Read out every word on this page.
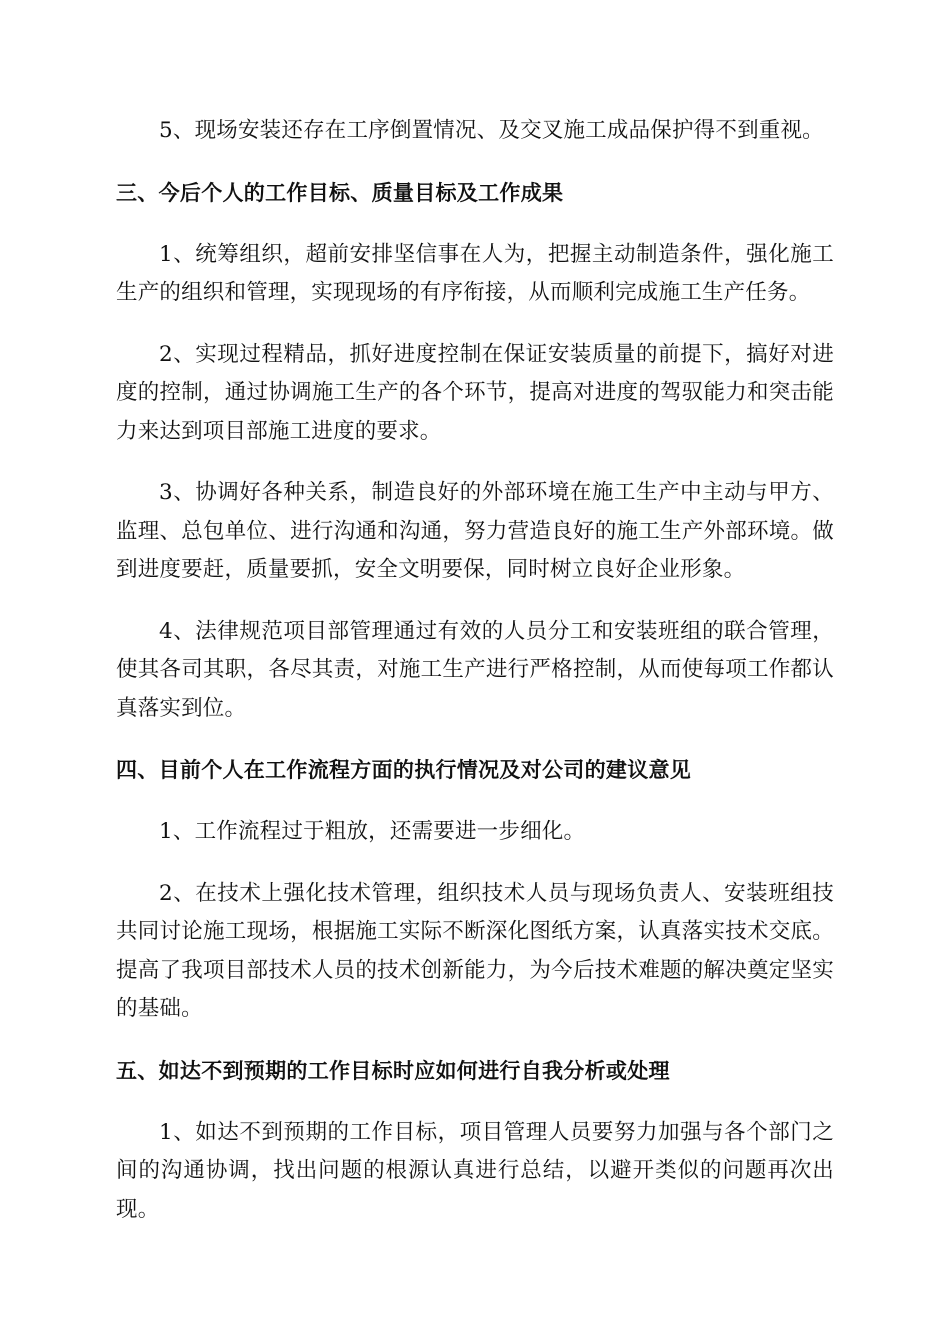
5、现场安装还存在工序倒置情况、及交叉施工成品保护得不到重视。

三、今后个人的工作目标、质量目标及工作成果

1、统筹组织，超前安排坚信事在人为，把握主动制造条件，强化施工生产的组织和管理，实现现场的有序衔接，从而顺利完成施工生产任务。

2、实现过程精品，抓好进度控制在保证安装质量的前提下，搞好对进度的控制，通过协调施工生产的各个环节，提高对进度的驾驭能力和突击能力来达到项目部施工进度的要求。

3、协调好各种关系，制造良好的外部环境在施工生产中主动与甲方、监理、总包单位、进行沟通和沟通，努力营造良好的施工生产外部环境。做到进度要赶，质量要抓，安全文明要保，同时树立良好企业形象。

4、法律规范项目部管理通过有效的人员分工和安装班组的联合管理，使其各司其职，各尽其责，对施工生产进行严格控制，从而使每项工作都认真落实到位。

四、目前个人在工作流程方面的执行情况及对公司的建议意见

1、工作流程过于粗放，还需要进一步细化。

2、在技术上强化技术管理，组织技术人员与现场负责人、安装班组技共同讨论施工现场，根据施工实际不断深化图纸方案，认真落实技术交底。提高了我项目部技术人员的技术创新能力，为今后技术难题的解决奠定坚实的基础。

五、如达不到预期的工作目标时应如何进行自我分析或处理

1、如达不到预期的工作目标，项目管理人员要努力加强与各个部门之间的沟通协调，找出问题的根源认真进行总结，以避开类似的问题再次出现。
